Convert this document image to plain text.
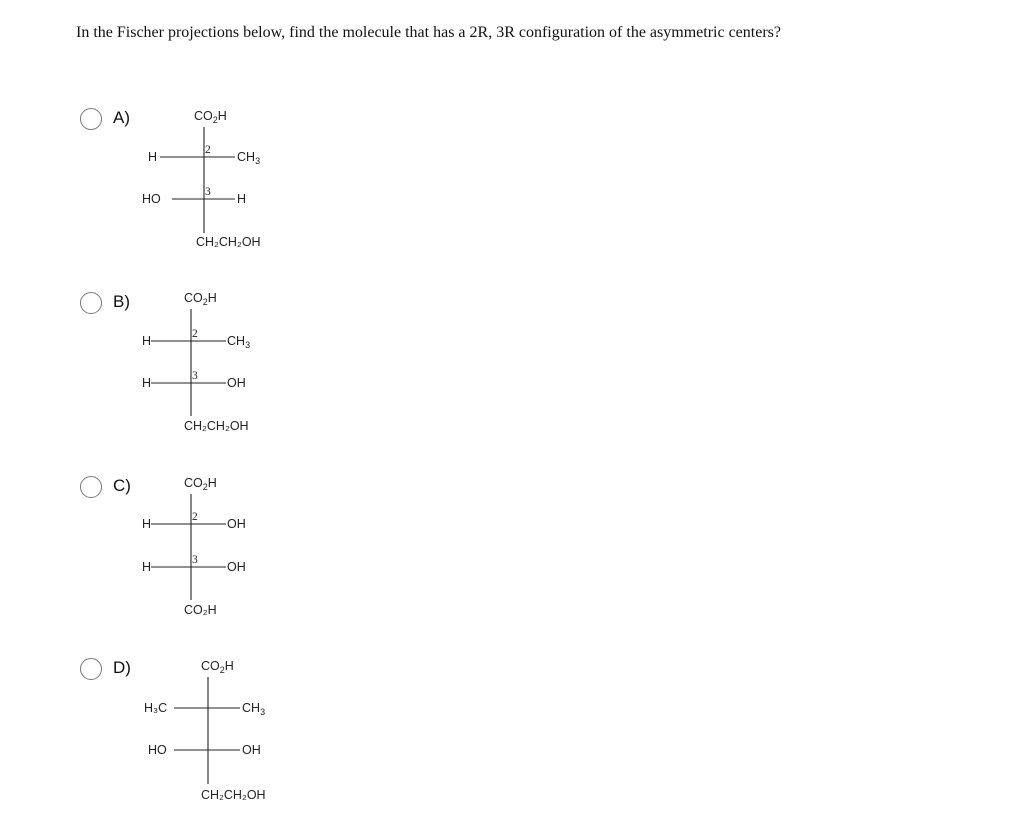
In the Fischer projections below, find the molecule that has a 2R, 3R configuration of the asymmetric centers?
A)	$CO_2H$
H	$CH_3$
2
HO	H
3
CH₂CH₂OH
B)	$CO_2H$
H	$CH_3$
2
H	OH
3
CH₂CH₂OH
C)	$CO_2H$
H	OH
2
H	OH
3
CO₂H
D)	$CO_2H$
H₃C	$CH_3$
HO	OH
CH₂CH₂OH
